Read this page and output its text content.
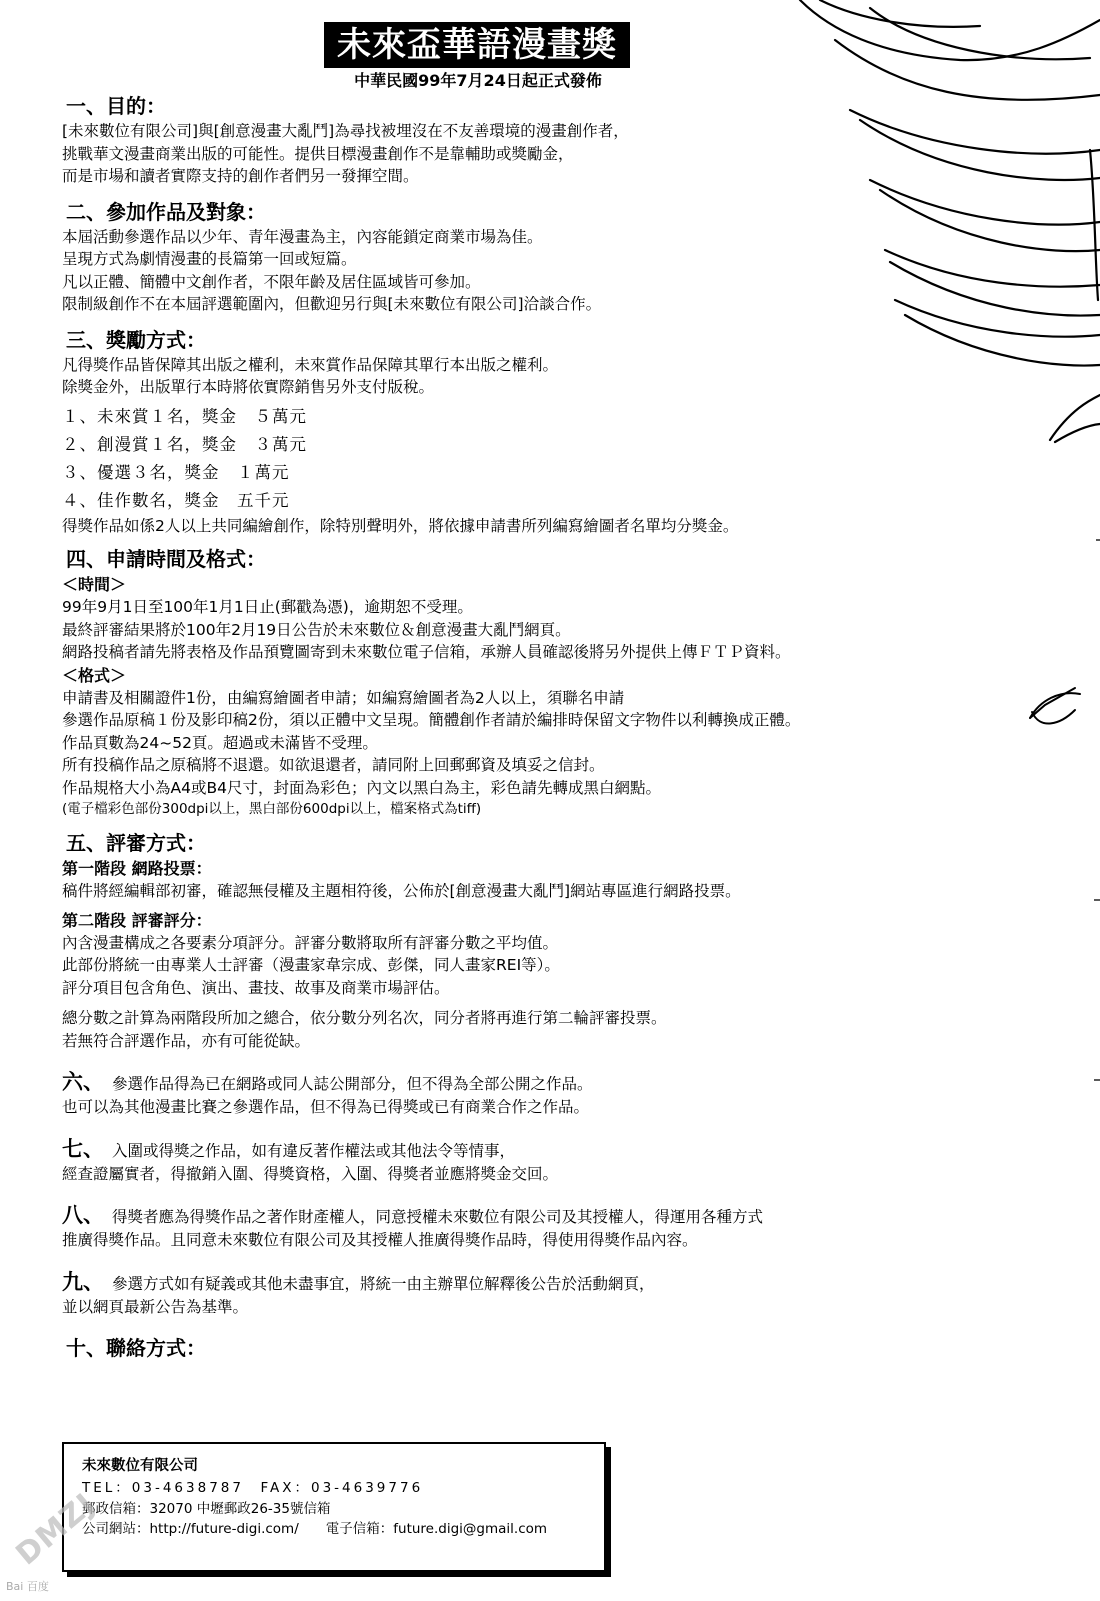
未來盃華語漫畫獎
中華民國99年7月24日起正式發佈
一、目的：
[未來數位有限公司]與[創意漫畫大亂鬥]為尋找被埋沒在不友善環境的漫畫創作者，
挑戰華文漫畫商業出版的可能性。提供目標漫畫創作不是靠輔助或獎勵金，
而是市場和讀者實際支持的創作者們另一發揮空間。
二、參加作品及對象：
本屆活動參選作品以少年、青年漫畫為主，內容能鎖定商業市場為佳。
呈現方式為劇情漫畫的長篇第一回或短篇。
凡以正體、簡體中文創作者，不限年齡及居住區域皆可參加。
限制級創作不在本屆評選範圍內，但歡迎另行與[未來數位有限公司]洽談合作。
三、獎勵方式：
凡得獎作品皆保障其出版之權利，未來賞作品保障其單行本出版之權利。
除獎金外，出版單行本時將依實際銷售另外支付版稅。
１、未來賞１名，獎金　５萬元
２、創漫賞１名，獎金　３萬元
３、優選３名，獎金　１萬元
４、佳作數名，獎金　五千元
得獎作品如係2人以上共同編繪創作，除特別聲明外，將依據申請書所列編寫繪圖者名單均分獎金。
四、申請時間及格式：
＜時間＞
99年9月1日至100年1月1日止(郵戳為憑)，逾期恕不受理。
最終評審結果將於100年2月19日公告於未來數位＆創意漫畫大亂鬥網頁。
網路投稿者請先將表格及作品預覽圖寄到未來數位電子信箱，承辦人員確認後將另外提供上傳ＦＴＰ資料。
＜格式＞
申請書及相關證件1份，由編寫繪圖者申請；如編寫繪圖者為2人以上，須聯名申請
參選作品原稿１份及影印稿2份，須以正體中文呈現。簡體創作者請於編排時保留文字物件以利轉換成正體。
作品頁數為24~52頁。超過或未滿皆不受理。
所有投稿作品之原稿將不退還。如欲退還者，請同附上回郵郵資及填妥之信封。
作品規格大小為A4或B4尺寸，封面為彩色；內文以黑白為主，彩色請先轉成黑白網點。
(電子檔彩色部份300dpi以上，黑白部份600dpi以上，檔案格式為tiff)
五、評審方式：
第一階段 網路投票：
稿件將經編輯部初審，確認無侵權及主題相符後，公佈於[創意漫畫大亂鬥]網站專區進行網路投票。
第二階段 評審評分：
內含漫畫構成之各要素分項評分。評審分數將取所有評審分數之平均值。
此部份將統一由專業人士評審（漫畫家韋宗成、彭傑，同人畫家REI等）。
評分項目包含角色、演出、畫技、故事及商業市場評估。
總分數之計算為兩階段所加之總合，依分數分列名次，同分者將再進行第二輪評審投票。
若無符合評選作品，亦有可能從缺。
六、 參選作品得為已在網路或同人誌公開部分，但不得為全部公開之作品。
也可以為其他漫畫比賽之參選作品，但不得為已得獎或已有商業合作之作品。
七、 入圍或得獎之作品，如有違反著作權法或其他法令等情事，
經查證屬實者，得撤銷入圍、得獎資格，入圍、得獎者並應將獎金交回。
八、 得獎者應為得獎作品之著作財產權人，同意授權未來數位有限公司及其授權人，得運用各種方式
推廣得獎作品。且同意未來數位有限公司及其授權人推廣得獎作品時，得使用得獎作品內容。
九、 參選方式如有疑義或其他未盡事宜，將統一由主辦單位解釋後公告於活動網頁，
並以網頁最新公告為基準。
十、聯絡方式：
未來數位有限公司
TEL：03-4638787　FAX：03-4639776
郵政信箱：32070 中壢郵政26-35號信箱
公司網站：http://future-digi.com/　　電子信箱：future.digi@gmail.com
DMZJ
Bai 百度
